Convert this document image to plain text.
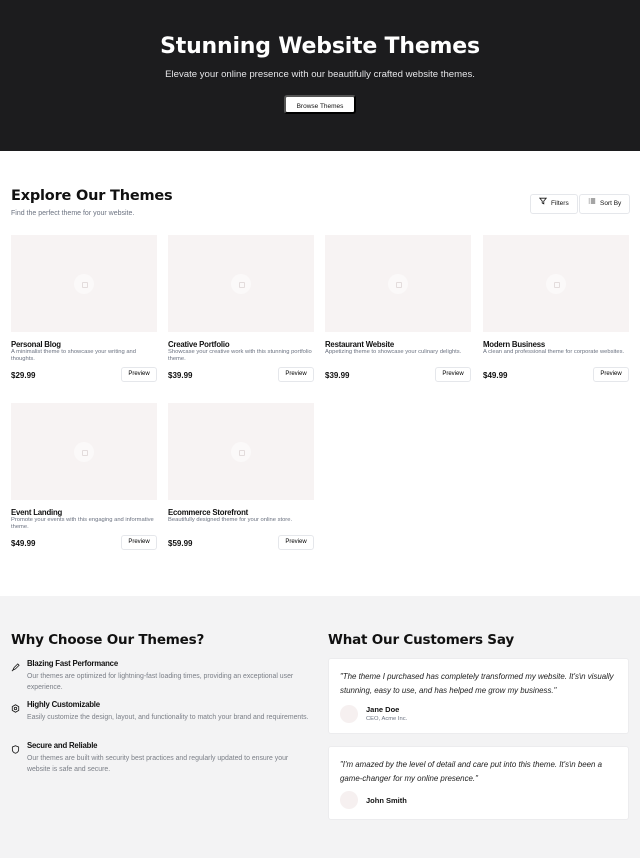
Stunning Website Themes

Elevate your online presence with our beautifully crafted website themes.

Browse Themes
Explore Our Themes

Find the perfect theme for your website.

Filters	Sort By
Personal Blog
A minimalist theme to showcase your writing and thoughts.
$29.99	Preview
Creative Portfolio
Showcase your creative work with this stunning portfolio theme.
$39.99	Preview
Restaurant Website
Appetizing theme to showcase your culinary delights.
$39.99	Preview
Modern Business
A clean and professional theme for corporate websites.
$49.99	Preview
Event Landing
Promote your events with this engaging and informative theme.
$49.99	Preview
Ecommerce Storefront
Beautifully designed theme for your online store.
$59.99	Preview
Why Choose Our Themes?
Blazing Fast Performance
Our themes are optimized for lightning-fast loading times, providing an exceptional user experience.
Highly Customizable
Easily customize the design, layout, and functionality to match your brand and requirements.
Secure and Reliable
Our themes are built with security best practices and regularly updated to ensure your website is safe and secure.
What Our Customers Say

"The theme I purchased has completely transformed my website. It's\n visually stunning, easy to use, and has helped me grow my business."

Jane Doe
CEO, Acme Inc.

"I'm amazed by the level of detail and care put into this theme. It's\n been a game-changer for my online presence."

John Smith
